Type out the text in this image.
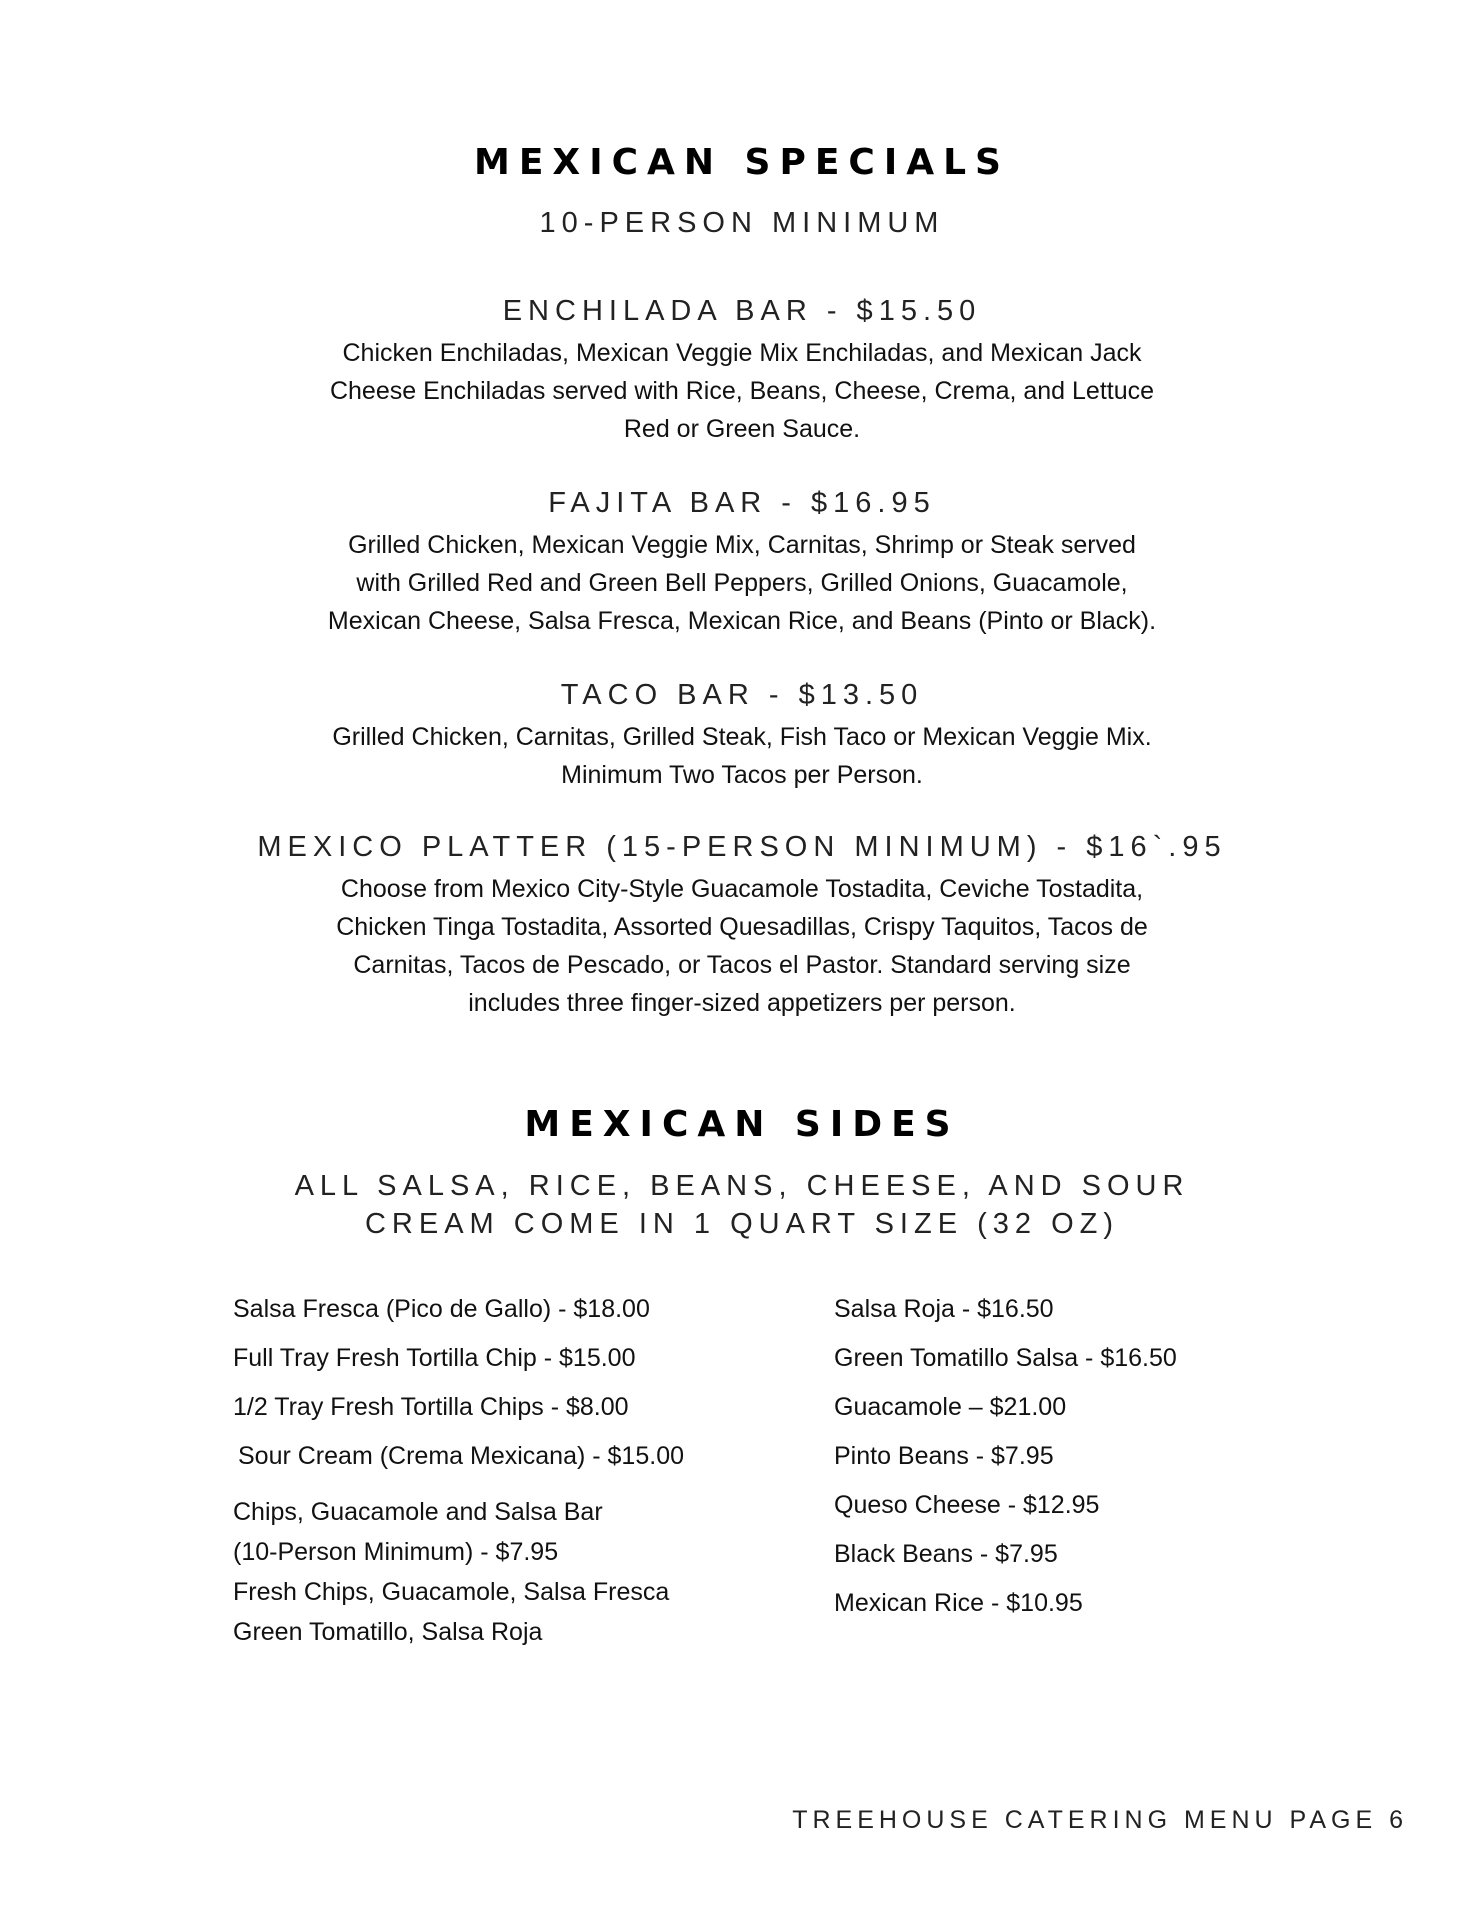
MEXICAN SPECIALS
10-PERSON MINIMUM
ENCHILADA BAR - $15.50
Chicken Enchiladas, Mexican Veggie Mix Enchiladas, and Mexican Jack
Cheese Enchiladas served with Rice, Beans, Cheese, Crema, and Lettuce
Red or Green Sauce.
FAJITA BAR - $16.95
Grilled Chicken, Mexican Veggie Mix, Carnitas, Shrimp or Steak served
with Grilled Red and Green Bell Peppers, Grilled Onions, Guacamole,
Mexican Cheese, Salsa Fresca, Mexican Rice, and Beans (Pinto or Black).
TACO BAR - $13.50
Grilled Chicken, Carnitas, Grilled Steak, Fish Taco or Mexican Veggie Mix.
Minimum Two Tacos per Person.
MEXICO PLATTER (15-PERSON MINIMUM) - $16`.95
Choose from Mexico City-Style Guacamole Tostadita, Ceviche Tostadita,
Chicken Tinga Tostadita, Assorted Quesadillas, Crispy Taquitos, Tacos de
Carnitas, Tacos de Pescado, or Tacos el Pastor. Standard serving size
includes three finger-sized appetizers per person.
MEXICAN SIDES
ALL SALSA, RICE, BEANS, CHEESE, AND SOUR
CREAM COME IN 1 QUART SIZE (32 OZ)
Salsa Fresca (Pico de Gallo) - $18.00
Full Tray Fresh Tortilla Chip - $15.00
1/2 Tray Fresh Tortilla Chips - $8.00
Sour Cream (Crema Mexicana) - $15.00
Chips, Guacamole and Salsa Bar
(10-Person Minimum) - $7.95
Fresh Chips, Guacamole, Salsa Fresca
Green Tomatillo, Salsa Roja
Salsa Roja - $16.50
Green Tomatillo Salsa - $16.50
Guacamole – $21.00
Pinto Beans - $7.95
Queso Cheese - $12.95
Black Beans - $7.95
Mexican Rice - $10.95
TREEHOUSE CATERING MENU PAGE 6
